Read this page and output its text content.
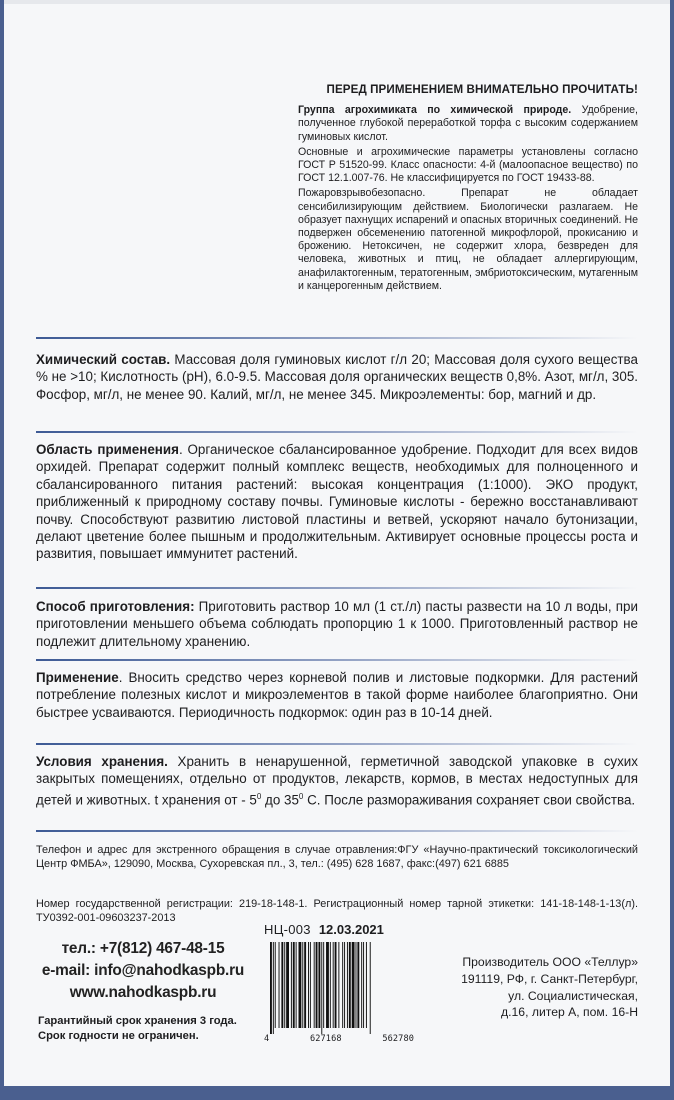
ПЕРЕД ПРИМЕНЕНИЕМ ВНИМАТЕЛЬНО ПРОЧИТАТЬ!

Группа агрохимиката по химической природе. Удобрение, полученное глубокой переработкой торфа с высоким содержанием гуминовых кислот.

Основные и агрохимические параметры установлены согласно ГОСТ Р 51520-99. Класс опасности: 4-й (малоопасное вещество) по ГОСТ 12.1.007-76. Не классифицируется по ГОСТ 19433-88.

Пожаровзрывобезопасно. Препарат не обладает сенсибилизирующим действием. Биологически разлагаем. Не образует пахнущих испарений и опасных вторичных соединений. Не подвержен обсеменению патогенной микрофлорой, прокисанию и брожению. Нетоксичен, не содержит хлора, безвреден для человека, животных и птиц, не обладает аллергирующим, анафилактогенным, тератогенным, эмбриотоксическим, мутагенным и канцерогенным действием.

Химический состав. Массовая доля гуминовых кислот г/л 20; Массовая доля сухого вещества % не >10; Кислотность (рН), 6.0-9.5. Массовая доля органических веществ 0,8%. Азот, мг/л, 305. Фосфор, мг/л, не менее 90. Калий, мг/л, не менее 345. Микроэлементы: бор, магний и др.

Область применения. Органическое сбалансированное удобрение. Подходит для всех видов орхидей. Препарат содержит полный комплекс веществ, необходимых для полноценного и сбалансированного питания растений: высокая концентрация (1:1000). ЭКО продукт, приближенный к природному составу почвы. Гуминовые кислоты - бережно восстанавливают почву. Способствуют развитию листовой пластины и ветвей, ускоряют начало бутонизации, делают цветение более пышным и продолжительным. Активирует основные процессы роста и развития, повышает иммунитет растений.

Способ приготовления: Приготовить раствор 10 мл (1 ст./л) пасты развести на 10 л воды, при приготовлении меньшего объема соблюдать пропорцию 1 к 1000. Приготовленный раствор не подлежит длительному хранению.

Применение. Вносить средство через корневой полив и листовые подкормки. Для растений потребление полезных кислот и микроэлементов в такой форме наиболее благоприятно. Они быстрее усваиваются. Периодичность подкормок: один раз в 10-14 дней.

Условия хранения. Хранить в ненарушенной, герметичной заводской упаковке в сухих закрытых помещениях, отдельно от продуктов, лекарств, кормов, в местах недоступных для детей и животных. t хранения от - $5^0$ до $35^0$ С. После размораживания сохраняет свои свойства.

Телефон и адрес для экстренного обращения в случае отравления:ФГУ «Научно-практический токсикологический Центр ФМБА», 129090, Москва, Сухоревская пл., 3, тел.: (495) 628 1687, факс:(497) 621 6885

Номер государственной регистрации: 219-18-148-1. Регистрационный номер тарной этикетки: 141-18-148-1-13(л). ТУ0392-001-09603237-2013

тел.: +7(812) 467-48-15
e-mail: info@nahodkaspb.ru
www.nahodkaspb.ru
Гарантийный срок хранения 3 года.
Срок годности не ограничен.
НЦ-003 12.03.2021
4	627168	562780
Производитель ООО «Теллур»
191119, РФ, г. Санкт-Петербург,
ул. Социалистическая,
д.16, литер А, пом. 16-Н
